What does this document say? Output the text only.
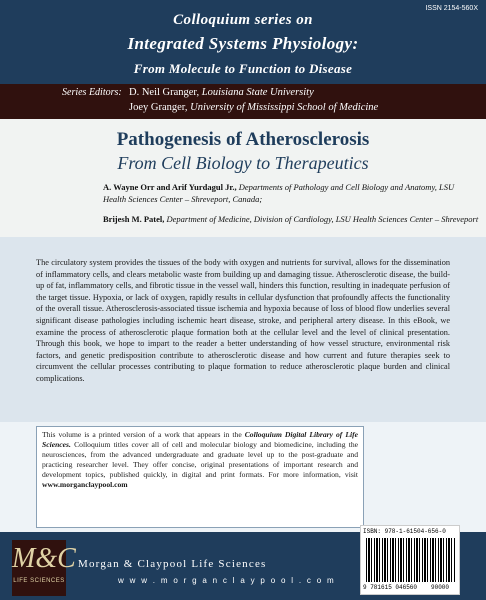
ISSN 2154-560X
Colloquium series on
Integrated Systems Physiology:
From Molecule to Function to Disease
Series Editors: D. Neil Granger, Louisiana State University
Joey Granger, University of Mississippi School of Medicine
Pathogenesis of Atherosclerosis
From Cell Biology to Therapeutics
A. Wayne Orr and Arif Yurdagul Jr., Departments of Pathology and Cell Biology and Anatomy, LSU Health Sciences Center – Shreveport, Canada;
Brijesh M. Patel, Department of Medicine, Division of Cardiology, LSU Health Sciences Center – Shreveport

The circulatory system provides the tissues of the body with oxygen and nutrients for survival, allows for the dissemination of inflammatory cells, and clears metabolic waste from building up and damaging tissue. Atherosclerotic disease, the build-up of fat, inflammatory cells, and fibrotic tissue in the vessel wall, hinders this function, resulting in inadequate perfusion of the target tissue. Hypoxia, or lack of oxygen, rapidly results in cellular dysfunction that profoundly affects the functionality of the overall tissue. Atherosclerosis-associated tissue ischemia and hypoxia because of loss of blood flow underlies several significant disease pathologies including ischemic heart disease, stroke, and peripheral artery disease. In this eBook, we examine the process of atherosclerotic plaque formation both at the cellular level and the level of clinical presentation. Through this book, we hope to impart to the reader a better understanding of how vessel structure, environmental risk factors, and genetic predisposition contribute to atherosclerotic disease and how current and future therapies seek to circumvent the cellular processes contributing to plaque formation to reduce atherosclerotic plaque burden and clinical complications.

This volume is a printed version of a work that appears in the Colloquium Digital Library of Life Sciences. Colloquium titles cover all of cell and molecular biology and biomedicine, including the neurosciences, from the advanced undergraduate and graduate level up to the post-graduate and practicing researcher level. They offer concise, original presentations of important research and development topics, published quickly, in digital and print formats. For more information, visit www.morganclaypool.com
M&C
LIFE SCIENCES
Morgan & Claypool Life Sciences
w w w . m o r g a n c l a y p o o l . c o m
ISBN: 978-1-61504-656-0
9 781615 046560 90000
